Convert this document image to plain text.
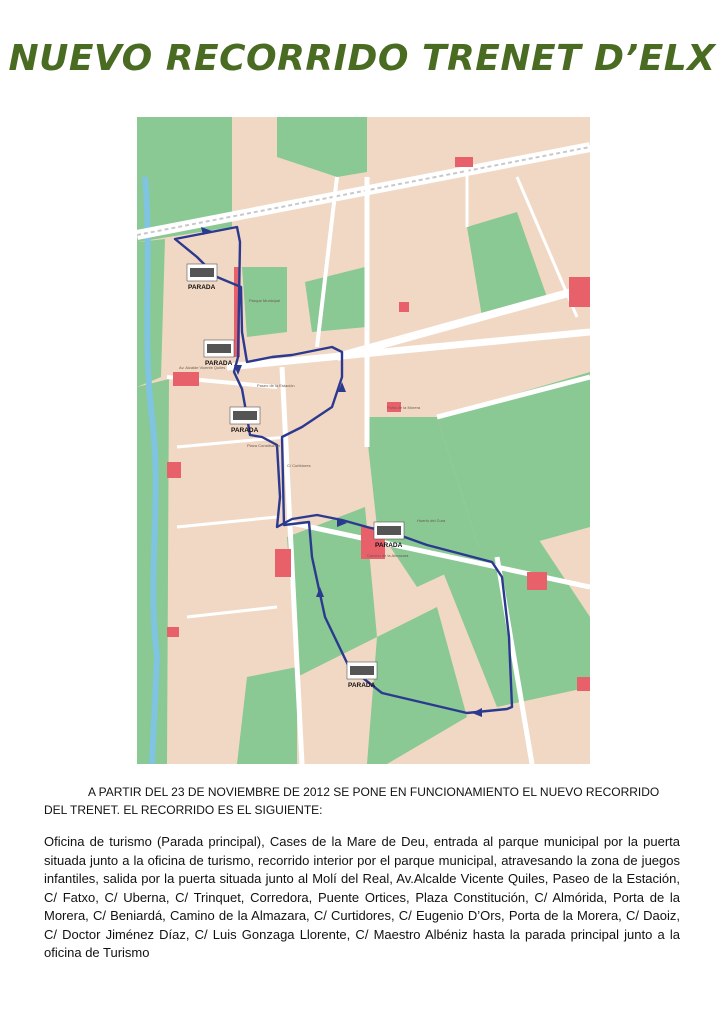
NUEVO RECORRIDO TRENET D’ELX
PARADA
PARADA
PARADA
PARADA
PARADA
Av. Alcalde Vicente Quiles
Paseo de la Estación
Porta de la Morera
Camino de la Almazara
C/ Curtidores
Huerto del Cura
Parque Municipal
Plaza Constitución

A PARTIR DEL 23 DE NOVIEMBRE DE 2012 SE PONE EN FUNCIONAMIENTO EL NUEVO RECORRIDO DEL TRENET. EL RECORRIDO ES EL SIGUIENTE:

Oficina de turismo (Parada principal), Cases de la Mare de Deu, entrada al parque municipal por la puerta situada junto a la oficina de turismo, recorrido interior por el parque municipal, atravesando la zona de juegos infantiles, salida por la puerta situada junto al Molí del Real, Av.Alcalde Vicente Quiles, Paseo de la Estación, C/ Fatxo, C/ Uberna, C/ Trinquet, Corredora, Puente Ortices, Plaza Constitución, C/ Almórida, Porta de la Morera, C/ Beniardá, Camino de la Almazara, C/ Curtidores, C/ Eugenio D’Ors, Porta de la Morera, C/ Daoiz, C/ Doctor Jiménez Díaz, C/ Luis Gonzaga Llorente, C/ Maestro Albéniz hasta la parada principal junto a la oficina de Turismo
